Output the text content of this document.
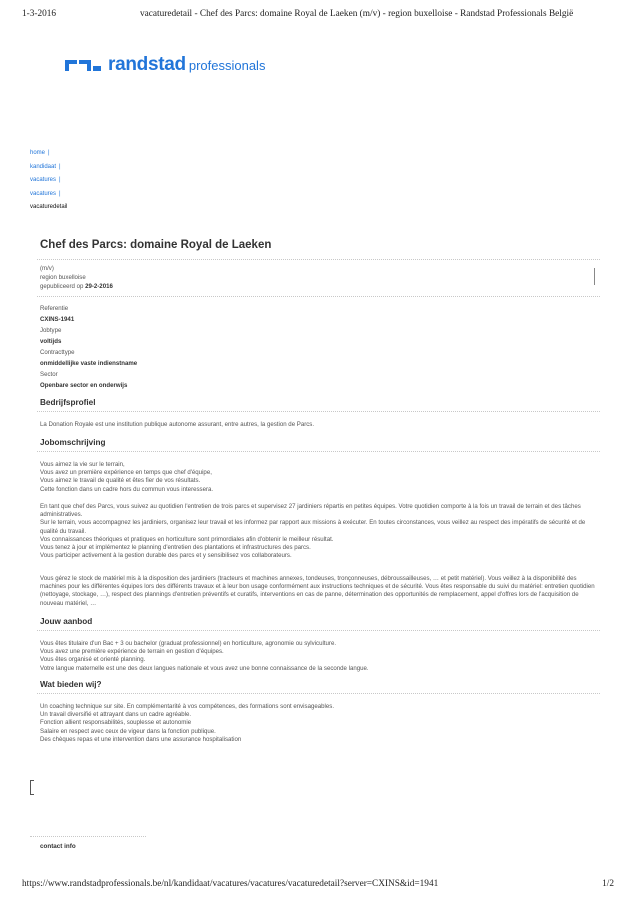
1-3-2016	vacaturedetail - Chef des Parcs: domaine Royal de Laeken (m/v) - region buxelloise - Randstad Professionals België
randstad professionals
home |
kandidaat |
vacatures |
vacatures |
vacaturedetail
Chef des Parcs: domaine Royal de Laeken
(m/v)
region buxelloise
gepubliceerd op 29-2-2016
Referentie
CXINS-1941
Jobtype
voltijds
Contracttype
onmiddellijke vaste indienstname
Sector
Openbare sector en onderwijs
Bedrijfsprofiel

La Donation Royale est une institution publique autonome assurant, entre autres, la gestion de Parcs.

Jobomschrijving

Vous aimez la vie sur le terrain,

Vous avez un première expérience en temps que chef d'équipe,

Vous aimez le travail de qualité et êtes fier de vos résultats.

Cette fonction dans un cadre hors du commun vous interessera.

En tant que chef des Parcs, vous suivez au quotidien l'entretien de trois parcs et supervisez 27 jardiniers répartis en petites équipes. Votre quotidien comporte à la fois un travail de terrain et des tâches administratives.

Sur le terrain, vous accompagnez les jardiniers, organisez leur travail et les informez par rapport aux missions à exécuter. En toutes circonstances, vous veillez au respect des impératifs de sécurité et de qualité du travail.

Vos connaissances théoriques et pratiques en horticulture sont primordiales afin d'obtenir le meilleur résultat.

Vous tenez à jour et implémentez le planning d'entretien des plantations et infrastructures des parcs.

Vous participer activement à la gestion durable des parcs et y sensibilisez vos collaborateurs.

Vous gérez le stock de matériel mis à la disposition des jardiniers (tracteurs et machines annexes, tondeuses, tronçonneuses, débroussailleuses, … et petit matériel). Vous veillez à la disponibilité des machines pour les différentes équipes lors des différents travaux et à leur bon usage conformément aux instructions techniques et de sécurité. Vous êtes responsable du suivi du matériel: entretien quotidien (nettoyage, stockage, …), respect des plannings d'entretien préventifs et curatifs, interventions en cas de panne, détermination des opportunités de remplacement, appel d'offres lors de l'acquisition de nouveau matériel, …

Jouw aanbod

Vous êtes titulaire d'un Bac + 3 ou bachelor (graduat professionnel) en horticulture, agronomie ou sylviculture.

Vous avez une première expérience de terrain en gestion d'équipes.

Vous êtes organisé et orienté planning.

Votre langue maternelle est une des deux langues nationale et vous avez une bonne connaissance de la seconde langue.

Wat bieden wij?

Un coaching technique sur site. En complémentarité à vos compétences, des formations sont envisageables.

Un travail diversifié et attrayant dans un cadre agréable.

Fonction allient responsabilités, souplesse et autonomie

Salaire en respect avec ceux de vigeur dans la fonction publique.

Des chèques repas et une intervention dans une assurance hospitalisation

contact info
https://www.randstadprofessionals.be/nl/kandidaat/vacatures/vacatures/vacaturedetail?server=CXINS&id=1941	1/2
